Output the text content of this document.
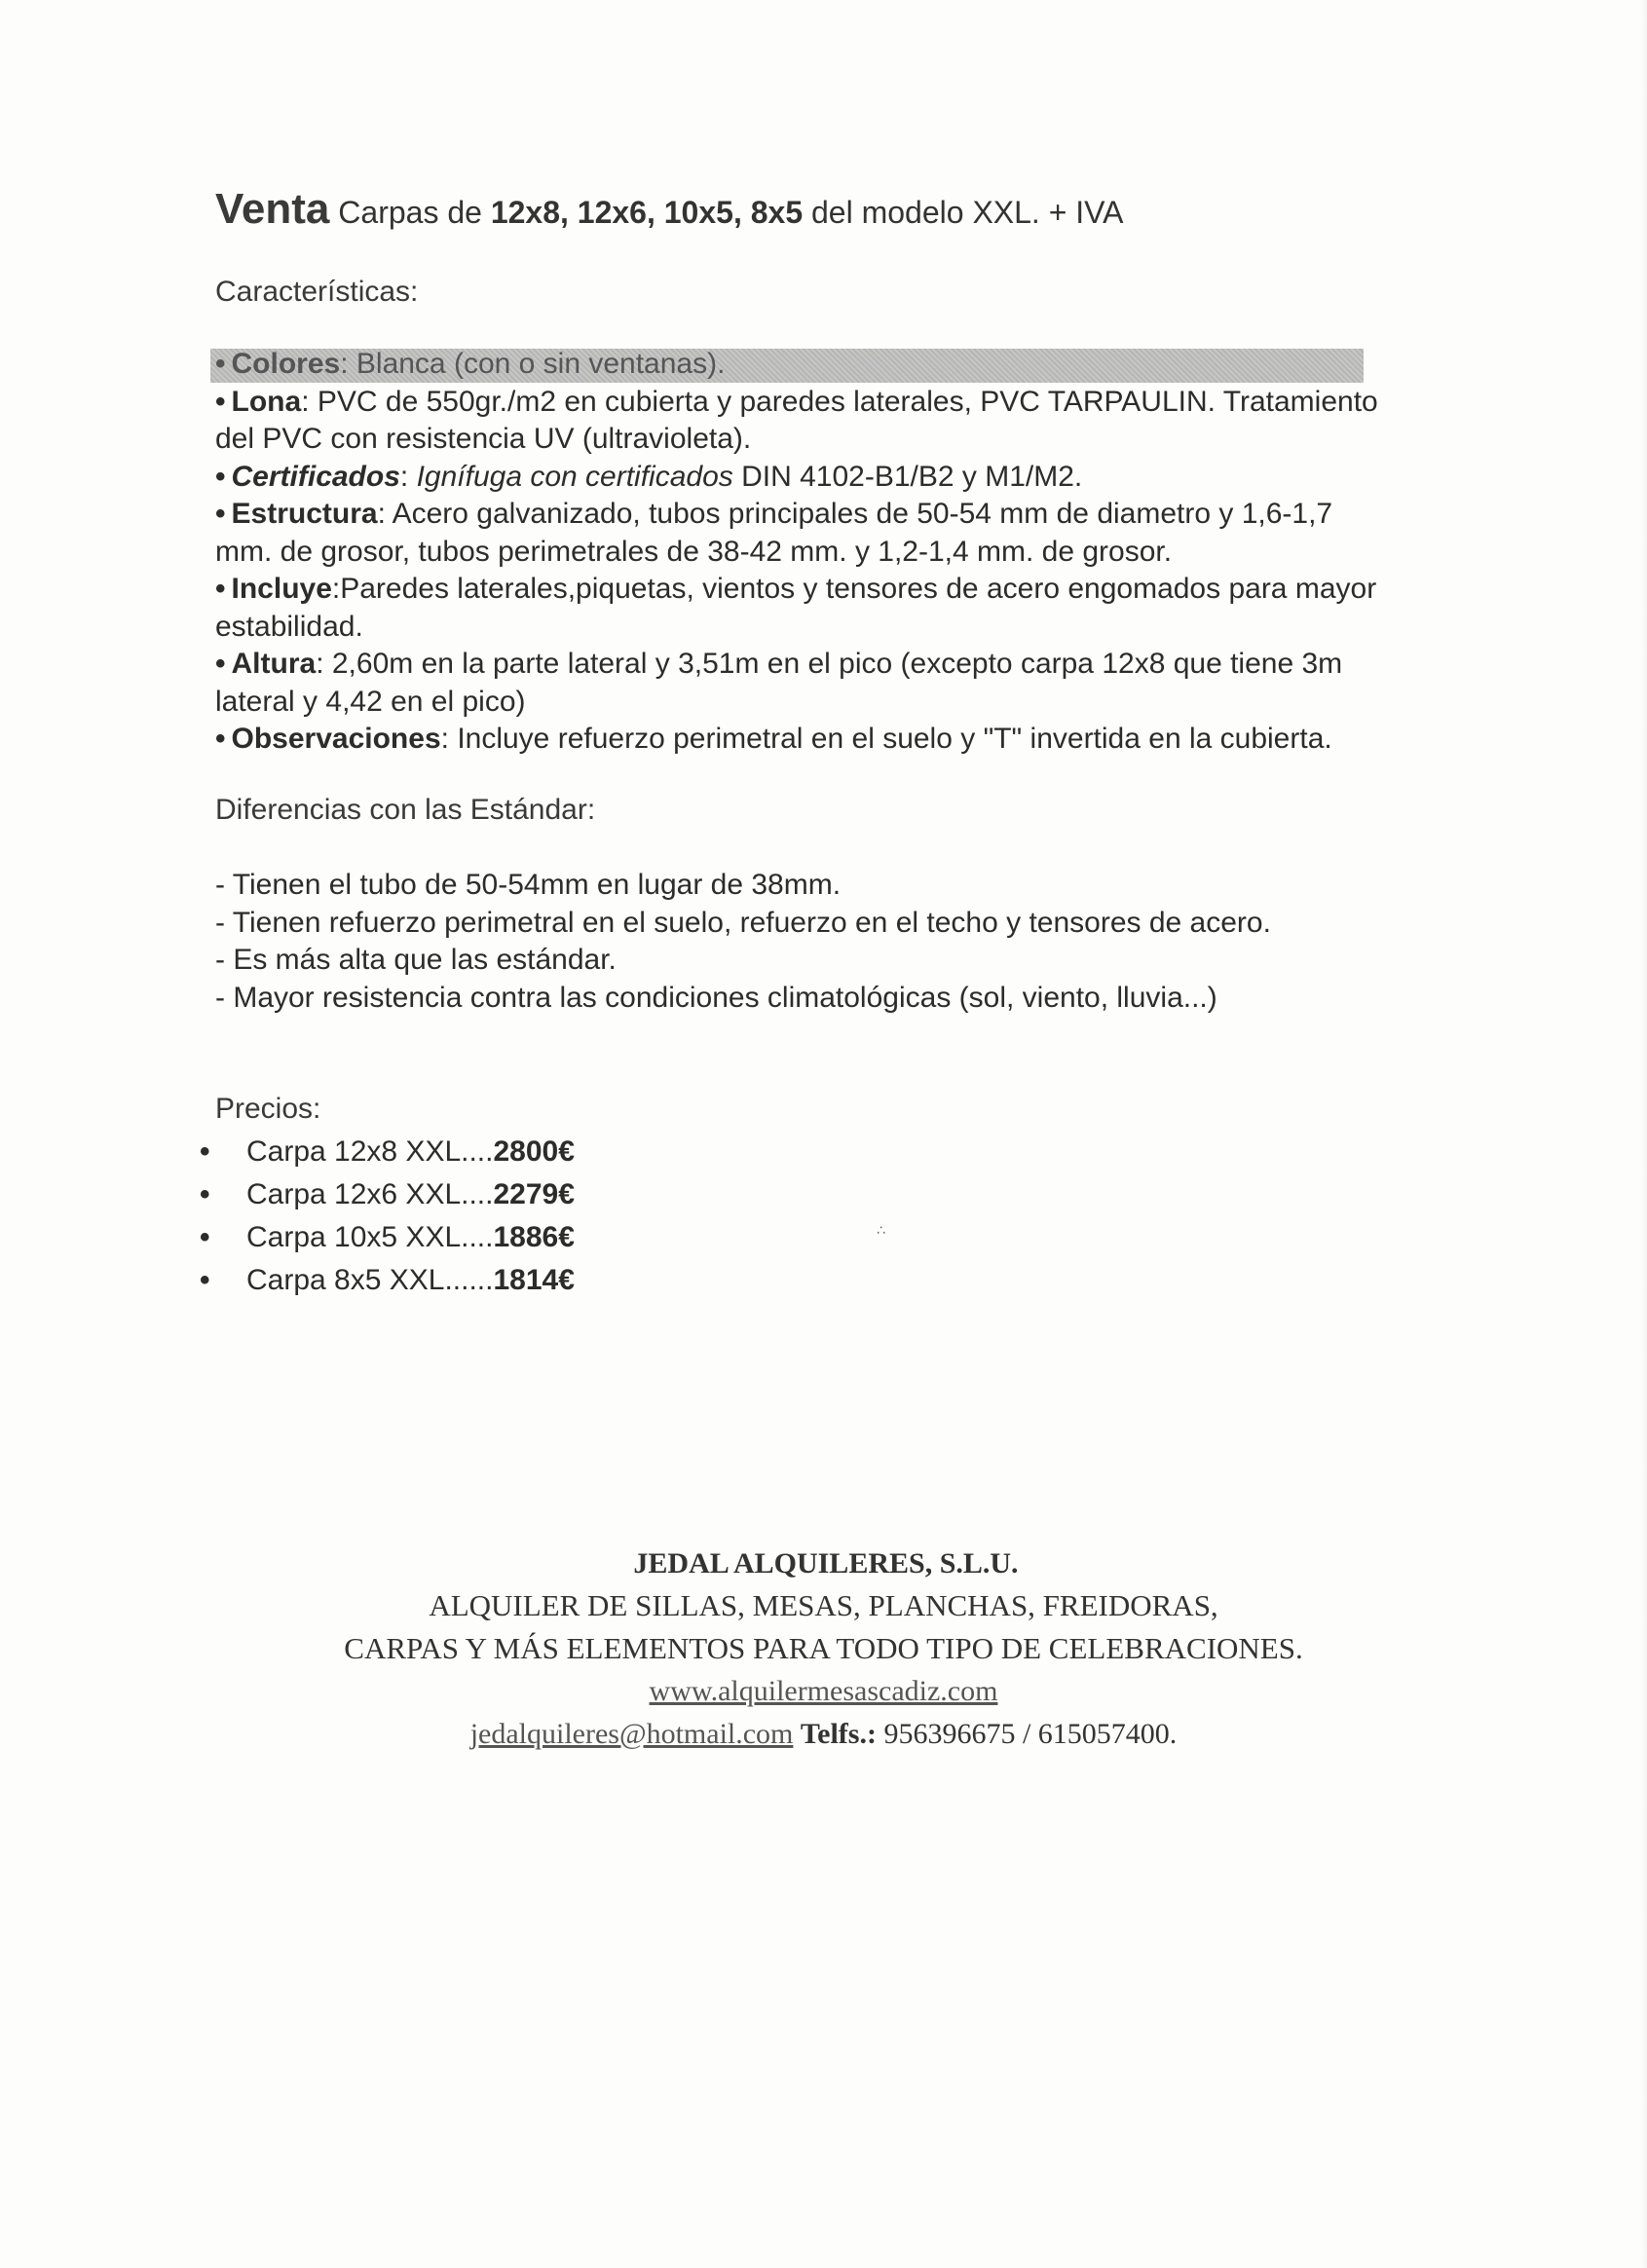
Venta Carpas de 12x8, 12x6, 10x5, 8x5 del modelo XXL. + IVA
Características:
• Colores: Blanca (con o sin ventanas).
• Lona: PVC de 550gr./m2 en cubierta y paredes laterales, PVC TARPAULIN. Tratamiento del PVC con resistencia UV (ultravioleta).
• Certificados: Ignífuga con certificados DIN 4102-B1/B2 y M1/M2.
• Estructura: Acero galvanizado, tubos principales de 50-54 mm de diametro y 1,6-1,7 mm. de grosor, tubos perimetrales de 38-42 mm. y 1,2-1,4 mm. de grosor.
• Incluye:Paredes laterales,piquetas, vientos y tensores de acero engomados para mayor estabilidad.
• Altura: 2,60m en la parte lateral y 3,51m en el pico (excepto carpa 12x8 que tiene 3m lateral y 4,42 en el pico)
• Observaciones: Incluye refuerzo perimetral en el suelo y "T" invertida en la cubierta.
Diferencias con las Estándar:
- Tienen el tubo de 50-54mm en lugar de 38mm.
- Tienen refuerzo perimetral en el suelo, refuerzo en el techo y tensores de acero.
- Es más alta que las estándar.
- Mayor resistencia contra las condiciones climatológicas (sol, viento, lluvia...)
Precios:
• Carpa 12x8 XXL....2800€
• Carpa 12x6 XXL....2279€
• Carpa 10x5 XXL....1886€
• Carpa 8x5 XXL......1814€
∴
JEDAL ALQUILERES, S.L.U.
ALQUILER DE SILLAS, MESAS, PLANCHAS, FREIDORAS,
CARPAS Y MÁS ELEMENTOS PARA TODO TIPO DE CELEBRACIONES.
www.alquilermesascadiz.com
jedalquileres@hotmail.com Telfs.: 956396675 / 615057400.
